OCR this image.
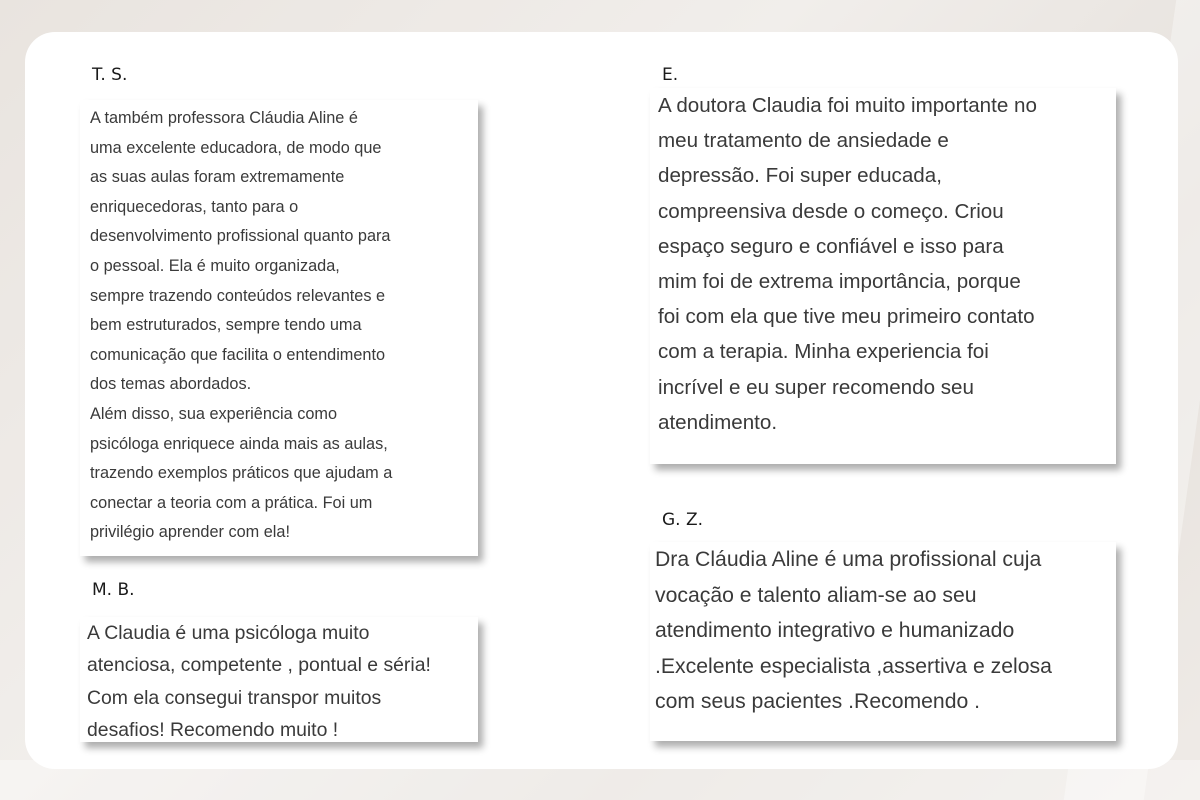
T. S.

A também professora Cláudia Aline é
uma excelente educadora, de modo que
as suas aulas foram extremamente
enriquecedoras, tanto para o
desenvolvimento profissional quanto para
o pessoal. Ela é muito organizada,
sempre trazendo conteúdos relevantes e
bem estruturados, sempre tendo uma
comunicação que facilita o entendimento
dos temas abordados.
Além disso, sua experiência como
psicóloga enriquece ainda mais as aulas,
trazendo exemplos práticos que ajudam a
conectar a teoria com a prática. Foi um
privilégio aprender com ela!

M. B.

A Claudia é uma psicóloga muito
atenciosa, competente , pontual e séria!
Com ela consegui transpor muitos
desafios! Recomendo muito !

E.

A doutora Claudia foi muito importante no
meu tratamento de ansiedade e
depressão. Foi super educada,
compreensiva desde o começo. Criou
espaço seguro e confiável e isso para
mim foi de extrema importância, porque
foi com ela que tive meu primeiro contato
com a terapia. Minha experiencia foi
incrível e eu super recomendo seu
atendimento.

G. Z.

Dra Cláudia Aline é uma profissional cuja
vocação e talento aliam-se ao seu
atendimento integrativo e humanizado
.Excelente especialista ,assertiva e zelosa
com seus pacientes .Recomendo .
